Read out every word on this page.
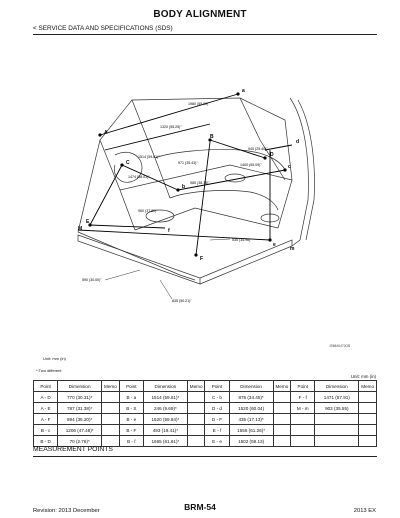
BODY ALIGNMENT
< SERVICE DATA AND SPECIFICATIONS (SDS)
1980 (55.00)
1320 (55.25)"
1514 (59.61)"
971 (35.43)"
940 (25.40)"
1400 (55.09)"
985 (38.78)"
1474 (58.03)"
960 (37.80)"
535 (35.96)"
590 (30.00)"
835 (50.21)"
A
B
C
D
E
F
a
b
c
d
e
f
M
m
JSMIA0470GB
Unit: mm (in)
*:Two different
Unit: mm (in)
Point	Dimension	Memo	Point	Dimension	Memo	Point	Dimension	Memo	Point	Dimension	Memo
A - D	770 (30.31)*		B - a	1514 (59.61)*		C - b	875 (34.45)*		F - f	1471 (57.91)	
A - E	787 (31.38)*		B - S	246 (9.69)*		D - d	1520 (60.04)		M - m	903 (35.55)	
A - F	894 (35.20)*		B - e	1520 (59.84)*		D - F	435 (17.13)*				
B - c	1206 (47.48)*		B - F	493 (19.41)*		E - f	1555 (61.26)*				
B - D	70 (2.76)*		B - f	1665 (61.61)*		E - e	1502 (59.13)				
MEASUREMENT POINTS
Revision: 2013 December	BRM-54	2013 EX
